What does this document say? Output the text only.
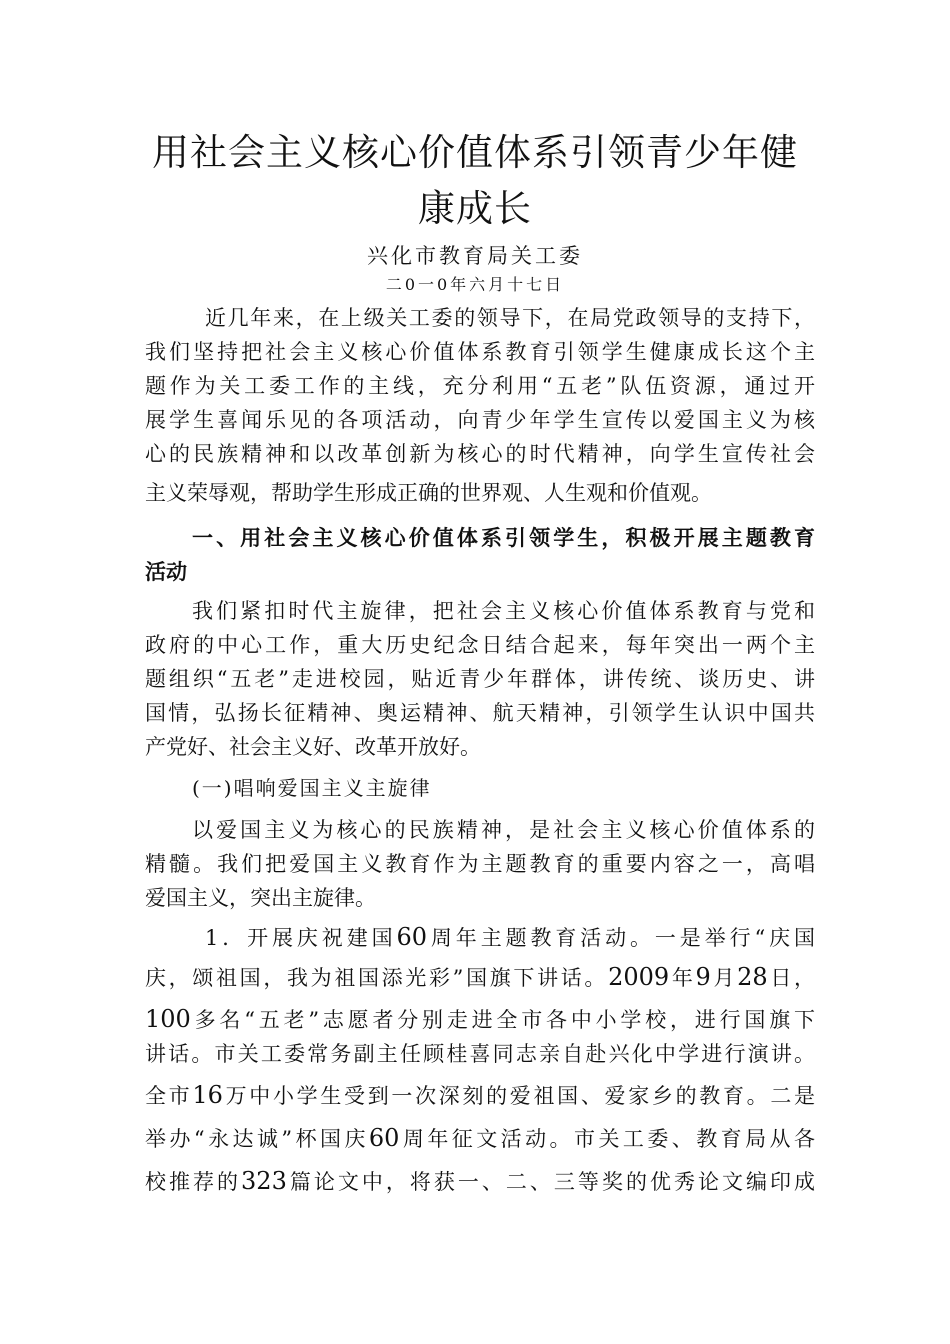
用社会主义核心价值体系引领青少年健
康成长
兴化市教育局关工委
二0一0年六月十七日
近几年来，在上级关工委的领导下，在局党政领导的支持下，
我们坚持把社会主义核心价值体系教育引领学生健康成长这个主
题作为关工委工作的主线，充分利用“五老”队伍资源，通过开
展学生喜闻乐见的各项活动，向青少年学生宣传以爱国主义为核
心的民族精神和以改革创新为核心的时代精神，向学生宣传社会
主义荣辱观，帮助学生形成正确的世界观、人生观和价值观。
一、用社会主义核心价值体系引领学生，积极开展主题教育
活动
我们紧扣时代主旋律，把社会主义核心价值体系教育与党和
政府的中心工作，重大历史纪念日结合起来，每年突出一两个主
题组织“五老”走进校园，贴近青少年群体，讲传统、谈历史、讲
国情，弘扬长征精神、奥运精神、航天精神，引领学生认识中国共
产党好、社会主义好、改革开放好。
(一)唱响爱国主义主旋律
以爱国主义为核心的民族精神，是社会主义核心价值体系的
精髓。我们把爱国主义教育作为主题教育的重要内容之一，高唱
爱国主义，突出主旋律。
1．开展庆祝建国60周年主题教育活动。一是举行“庆国
庆，颂祖国，我为祖国添光彩”国旗下讲话。2009年9月28日，
100多名“五老”志愿者分别走进全市各中小学校，进行国旗下
讲话。市关工委常务副主任顾桂喜同志亲自赴兴化中学进行演讲。
全市16万中小学生受到一次深刻的爱祖国、爱家乡的教育。二是
举办“永达诚”杯国庆60周年征文活动。市关工委、教育局从各
校推荐的323篇论文中，将获一、二、三等奖的优秀论文编印成
